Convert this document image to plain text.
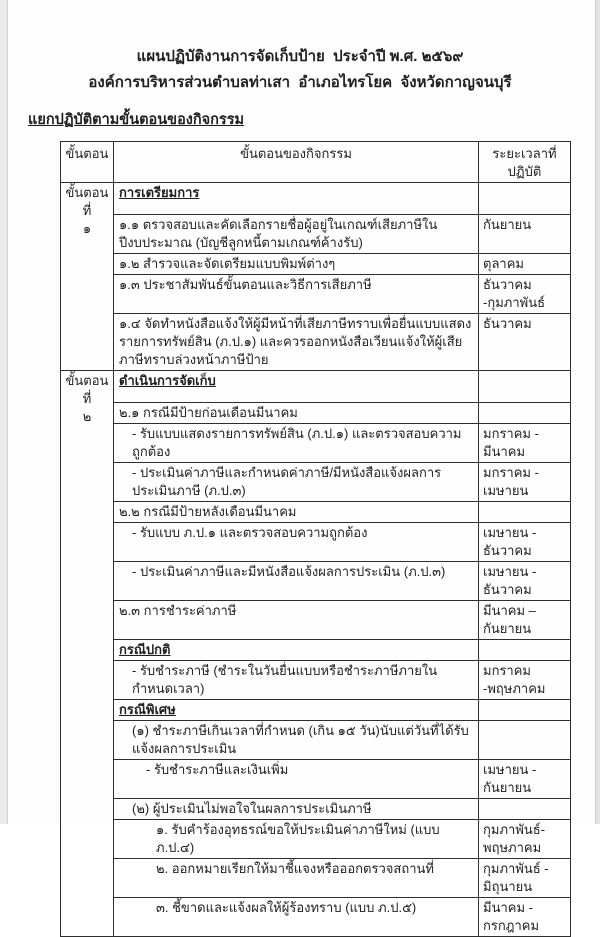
แผนปฏิบัติงานการจัดเก็บป้าย  ประจำปี พ.ศ. ๒๕๖๙
องค์การบริหารส่วนตำบลท่าเสา  อำเภอไทรโยค  จังหวัดกาญจนบุรี
แยกปฏิบัติตามขั้นตอนของกิจกรรม
ขั้นตอน	ขั้นตอนของกิจกรรม	ระยะเวลาที่
ปฏิบัติ

ขั้นตอนที่
๑	การเตรียมการ	
	๑.๑ ตรวจสอบและคัดเลือกรายชื่อผู้อยู่ในเกณฑ์เสียภาษีในปีงบประมาณ (บัญชีลูกหนี้ตามเกณฑ์ค้างรับ)	กันยายน
	๑.๒ สำรวจและจัดเตรียมแบบพิมพ์ต่างๆ	ตุลาคม
	๑.๓ ประชาสัมพันธ์ขั้นตอนและวิธีการเสียภาษี	ธันวาคม -กุมภาพันธ์
	๑.๔ จัดทำหนังสือแจ้งให้ผู้มีหน้าที่เสียภาษีทราบเพื่อยื่นแบบแสดงรายการทรัพย์สิน (ภ.ป.๑) และควรออกหนังสือเวียนแจ้งให้ผู้เสียภาษีทราบล่วงหน้าภาษีป้าย	ธันวาคม

ขั้นตอนที่
๒	ดำเนินการจัดเก็บ	
	๒.๑ กรณีมีป้ายก่อนเดือนมีนาคม	
	- รับแบบแสดงรายการทรัพย์สิน (ภ.ป.๑) และตรวจสอบความถูกต้อง	มกราคม - มีนาคม
	- ประเมินค่าภาษีและกำหนดค่าภาษี/มีหนังสือแจ้งผลการประเมินภาษี (ภ.ป.๓)	มกราคม - เมษายน
	๒.๒ กรณีมีป้ายหลังเดือนมีนาคม	
	- รับแบบ ภ.ป.๑ และตรวจสอบความถูกต้อง	เมษายน - ธันวาคม
	- ประเมินค่าภาษีและมีหนังสือแจ้งผลการประเมิน (ภ.ป.๓)	เมษายน - ธันวาคม
	๒.๓ การชำระค่าภาษี	มีนาคม – กันยายน
	กรณีปกติ	
	- รับชำระภาษี (ชำระในวันยื่นแบบหรือชำระภาษีภายในกำหนดเวลา)	มกราคม -พฤษภาคม
	กรณีพิเศษ	
	(๑) ชำระภาษีเกินเวลาที่กำหนด (เกิน ๑๕ วัน)นับแต่วันที่ได้รับแจ้งผลการประเมิน	
	- รับชำระภาษีและเงินเพิ่ม	เมษายน - กันยายน
	(๒) ผู้ประเมินไม่พอใจในผลการประเมินภาษี	
	๑. รับคำร้องอุทธรณ์ขอให้ประเมินค่าภาษีใหม่ (แบบ ภ.ป.๔)	กุมภาพันธ์-พฤษภาคม
	๒. ออกหมายเรียกให้มาชี้แจงหรือออกตรวจสถานที่	กุมภาพันธ์ - มิถุนายน
	๓. ชี้ขาดและแจ้งผลให้ผู้ร้องทราบ (แบบ ภ.ป.๕)	มีนาคม - กรกฎาคม
